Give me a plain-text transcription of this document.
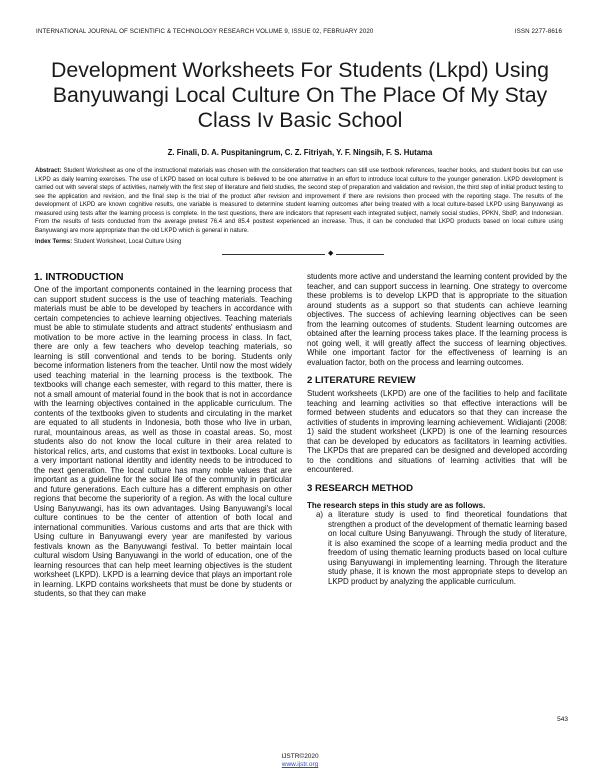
INTERNATIONAL JOURNAL OF SCIENTIFIC & TECHNOLOGY RESEARCH VOLUME 9, ISSUE 02, FEBRUARY 2020	ISSN 2277-8616
Development Worksheets For Students (Lkpd) Using Banyuwangi Local Culture On The Place Of My Stay Class Iv Basic School
Z. Finali, D. A. Puspitaningrum, C. Z. Fitriyah, Y. F. Ningsih, F. S. Hutama
Abstract: Student Worksheet as one of the instructional materials was chosen with the consideration that teachers can still use textbook references, teacher books, and student books but can use LKPD as daily learning exercises. The use of LKPD based on local culture is believed to be one alternative in an effort to introduce local culture to the younger generation. LKPD development is carried out with several steps of activities, namely with the first step of literature and field studies, the second step of preparation and validation and revision, the third step of initial product testing to see the application and revision, and the final step is the trial of the product after revision and improvement if there are revisions then proceed with the reporting stage. The results of the development of LKPD are known cognitive results, one variable is measured to determine student learning outcomes after being treated with a local culture-based LKPD using Banyuwangi as measured using tests after the learning process is complete. In the test questions, there are indicators that represent each integrated subject, namely social studies, PPKN, SbdP, and Indonesian. From the results of tests conducted from the average pretest 76.4 and 85.4 posttest experienced an increase. Thus, it can be concluded that LKPD products based on local culture using Banyuwangi are more appropriate than the old LKPD which is general in nature.
Index Terms: Student Worksheet, Local Culture Using
◆
1. INTRODUCTION

One of the important components contained in the learning process that can support student success is the use of teaching materials. Teaching materials must be able to be developed by teachers in accordance with certain competencies to achieve learning objectives. Teaching materials must be able to stimulate students and attract students' enthusiasm and motivation to be more active in the learning process in class. In fact, there are only a few teachers who develop teaching materials, so learning is still conventional and tends to be boring. Students only become information listeners from the teacher. Until now the most widely used teaching material in the learning process is the textbook. The textbooks will change each semester, with regard to this matter, there is not a small amount of material found in the book that is not in accordance with the learning objectives contained in the applicable curriculum. The contents of the textbooks given to students and circulating in the market are equated to all students in Indonesia, both those who live in urban, rural, mountainous areas, as well as those in coastal areas. So, most students also do not know the local culture in their area related to historical relics, arts, and customs that exist in textbooks. Local culture is a very important national identity and identity needs to be introduced to the next generation. The local culture has many noble values that are important as a guideline for the social life of the community in particular and future generations. Each culture has a different emphasis on other regions that become the superiority of a region. As with the local culture Using Banyuwangi, has its own advantages. Using Banyuwangi's local culture continues to be the center of attention of both local and international communities. Various customs and arts that are thick with Using culture in Banyuwangi every year are manifested by various festivals known as the Banyuwangi festival. To better maintain local cultural wisdom Using Banyuwangi in the world of education, one of the learning resources that can help meet learning objectives is the student worksheet (LKPD). LKPD is a learning device that plays an important role in learning. LKPD contains worksheets that must be done by students or students, so that they can make

students more active and understand the learning content provided by the teacher, and can support success in learning. One strategy to overcome these problems is to develop LKPD that is appropriate to the situation around students as a support so that students can achieve learning objectives. The success of achieving learning objectives can be seen from the learning outcomes of students. Student learning outcomes are obtained after the learning process takes place. If the learning process is not going well, it will greatly affect the success of learning objectives. While one important factor for the effectiveness of learning is an evaluation factor, both on the process and learning outcomes.

2 LITERATURE REVIEW

Student worksheets (LKPD) are one of the facilities to help and facilitate teaching and learning activities so that effective interactions will be formed between students and educators so that they can increase the activities of students in improving learning achievement. Widiajanti (2008: 1) said the student worksheet (LKPD) is one of the learning resources that can be developed by educators as facilitators in learning activities. The LKPDs that are prepared can be designed and developed according to the conditions and situations of learning activities that will be encountered.

3 RESEARCH METHOD

The research steps in this study are as follows.

a) a literature study is used to find theoretical foundations that strengthen a product of the development of thematic learning based on local culture Using Banyuwangi. Through the study of literature, it is also examined the scope of a learning media product and the freedom of using thematic learning products based on local culture using Banyuwangi in implementing learning. Through the literature study phase, it is known the most appropriate steps to develop an LKPD product by analyzing the applicable curriculum.

543
IJSTR©2020
www.ijstr.org
